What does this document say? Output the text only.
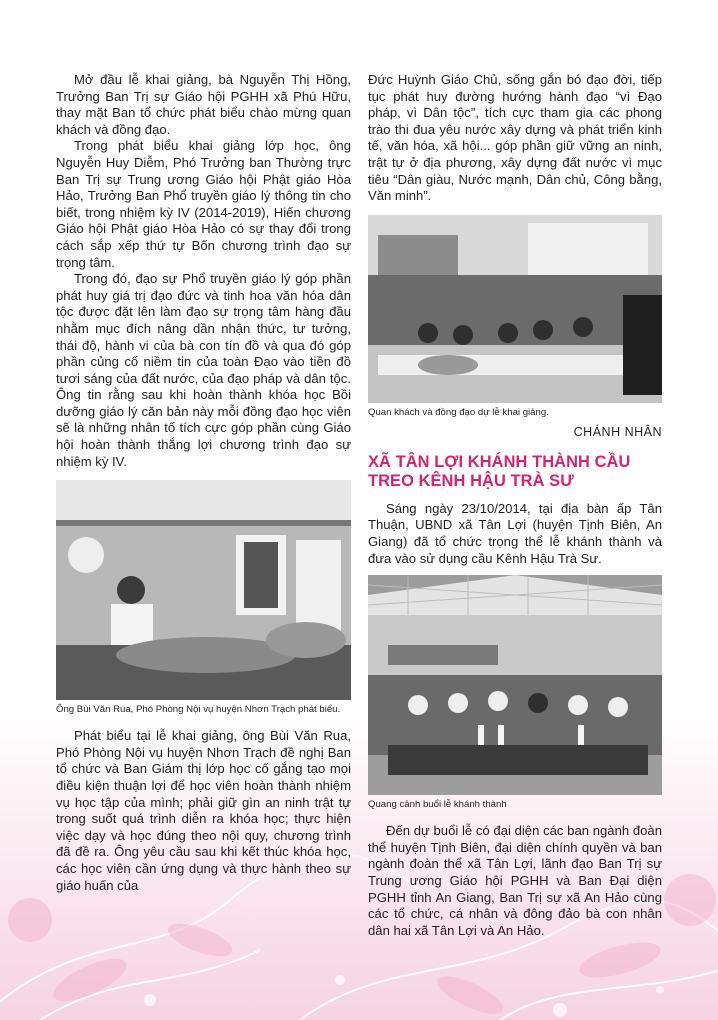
Mở đầu lễ khai giảng, bà Nguyễn Thị Hồng, Trưởng Ban Trị sự Giáo hội PGHH xã Phú Hữu, thay mặt Ban tổ chức phát biểu chào mừng quan khách và đồng đạo.

Trong phát biểu khai giảng lớp học, ông Nguyễn Huy Diễm, Phó Trưởng ban Thường trực Ban Trị sự Trung ương Giáo hội Phật giáo Hòa Hảo, Trưởng Ban Phổ truyền giáo lý thông tin cho biết, trong nhiệm kỳ IV (2014-2019), Hiến chương Giáo hội Phật giáo Hòa Hảo có sự thay đổi trong cách sắp xếp thứ tự Bốn chương trình đạo sự trọng tâm.

Trong đó, đạo sự Phổ truyền giáo lý góp phần phát huy giá trị đạo đức và tinh hoa văn hóa dân tộc được đặt lên làm đạo sự trọng tâm hàng đầu nhằm mục đích nâng dần nhận thức, tư tưởng, thái độ, hành vi của bà con tín đồ và qua đó góp phần củng cố niềm tin của toàn Đạo vào tiền đồ tươi sáng của đất nước, của đạo pháp và dân tộc. Ông tin rằng sau khi hoàn thành khóa học Bồi dưỡng giáo lý căn bản này mỗi đồng đạo học viên sẽ là những nhân tố tích cực góp phần cùng Giáo hội hoàn thành thắng lợi chương trình đạo sự nhiệm kỳ IV.

Ông Bùi Văn Rua, Phó Phòng Nội vụ huyện Nhơn Trạch phát biểu.

Phát biểu tại lễ khai giảng, ông Bùi Văn Rua, Phó Phòng Nội vụ huyện Nhơn Trạch đề nghị Ban tổ chức và Ban Giám thị lớp học cố gắng tạo mọi điều kiện thuận lợi để học viên hoàn thành nhiệm vụ học tập của mình; phải giữ gìn an ninh trật tự trong suốt quá trình diễn ra khóa học; thực hiện việc dạy và học đúng theo nội quy, chương trình đã đề ra. Ông yêu cầu sau khi kết thúc khóa học, các học viên cần ứng dụng và thực hành theo sự giáo huấn của

Đức Huỳnh Giáo Chủ, sống gắn bó đạo đời, tiếp tục phát huy đường hướng hành đạo “vì Đạo pháp, vì Dân tộc”, tích cực tham gia các phong trào thi đua yêu nước xây dựng và phát triển kinh tế, văn hóa, xã hội... góp phần giữ vững an ninh, trật tự ở địa phương, xây dựng đất nước vì mục tiêu “Dân giàu, Nước mạnh, Dân chủ, Công bằng, Văn minh”.

Quan khách và đồng đạo dự lễ khai giảng.

CHÁNH NHÂN

XÃ TÂN LỢI KHÁNH THÀNH CẦU TREO KÊNH HẬU TRÀ SƯ

Sáng ngày 23/10/2014, tại địa bàn ấp Tân Thuận, UBND xã Tân Lợi (huyện Tịnh Biên, An Giang) đã tổ chức trọng thể lễ khánh thành và đưa vào sử dụng cầu Kênh Hậu Trà Sư.

Quang cảnh buổi lễ khánh thành

Đến dự buổi lễ có đại diện các ban ngành đoàn thể huyện Tịnh Biên, đại diện chính quyền và ban ngành đoàn thể xã Tân Lợi, lãnh đạo Ban Trị sự Trung ương Giáo hội PGHH và Ban Đại diện PGHH tỉnh An Giang, Ban Trị sự xã An Hảo cùng các tổ chức, cá nhân và đông đảo bà con nhân dân hai xã Tân Lợi và An Hảo.
